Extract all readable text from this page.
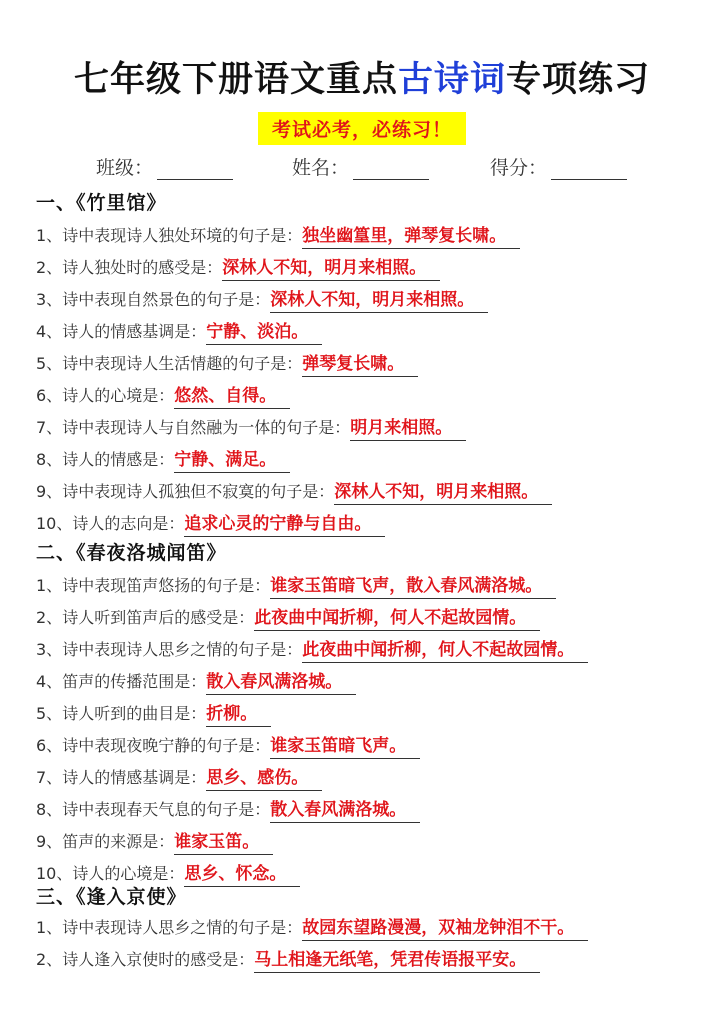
七年级下册语文重点古诗词专项练习
考试必考，必练习！
班级：	姓名：	得分：
一、《竹里馆》
1、诗中表现诗人独处环境的句子是：独坐幽篁里，弹琴复长啸。
2、诗人独处时的感受是：深林人不知，明月来相照。
3、诗中表现自然景色的句子是：深林人不知，明月来相照。
4、诗人的情感基调是：宁静、淡泊。
5、诗中表现诗人生活情趣的句子是：弹琴复长啸。
6、诗人的心境是：悠然、自得。
7、诗中表现诗人与自然融为一体的句子是：明月来相照。
8、诗人的情感是：宁静、满足。
9、诗中表现诗人孤独但不寂寞的句子是：深林人不知，明月来相照。
10、诗人的志向是：追求心灵的宁静与自由。
二、《春夜洛城闻笛》
1、诗中表现笛声悠扬的句子是：谁家玉笛暗飞声，散入春风满洛城。
2、诗人听到笛声后的感受是：此夜曲中闻折柳，何人不起故园情。
3、诗中表现诗人思乡之情的句子是：此夜曲中闻折柳，何人不起故园情。
4、笛声的传播范围是：散入春风满洛城。
5、诗人听到的曲目是：折柳。
6、诗中表现夜晚宁静的句子是：谁家玉笛暗飞声。
7、诗人的情感基调是：思乡、感伤。
8、诗中表现春天气息的句子是：散入春风满洛城。
9、笛声的来源是：谁家玉笛。
10、诗人的心境是：思乡、怀念。
三、《逢入京使》
1、诗中表现诗人思乡之情的句子是：故园东望路漫漫，双袖龙钟泪不干。
2、诗人逢入京使时的感受是：马上相逢无纸笔，凭君传语报平安。
